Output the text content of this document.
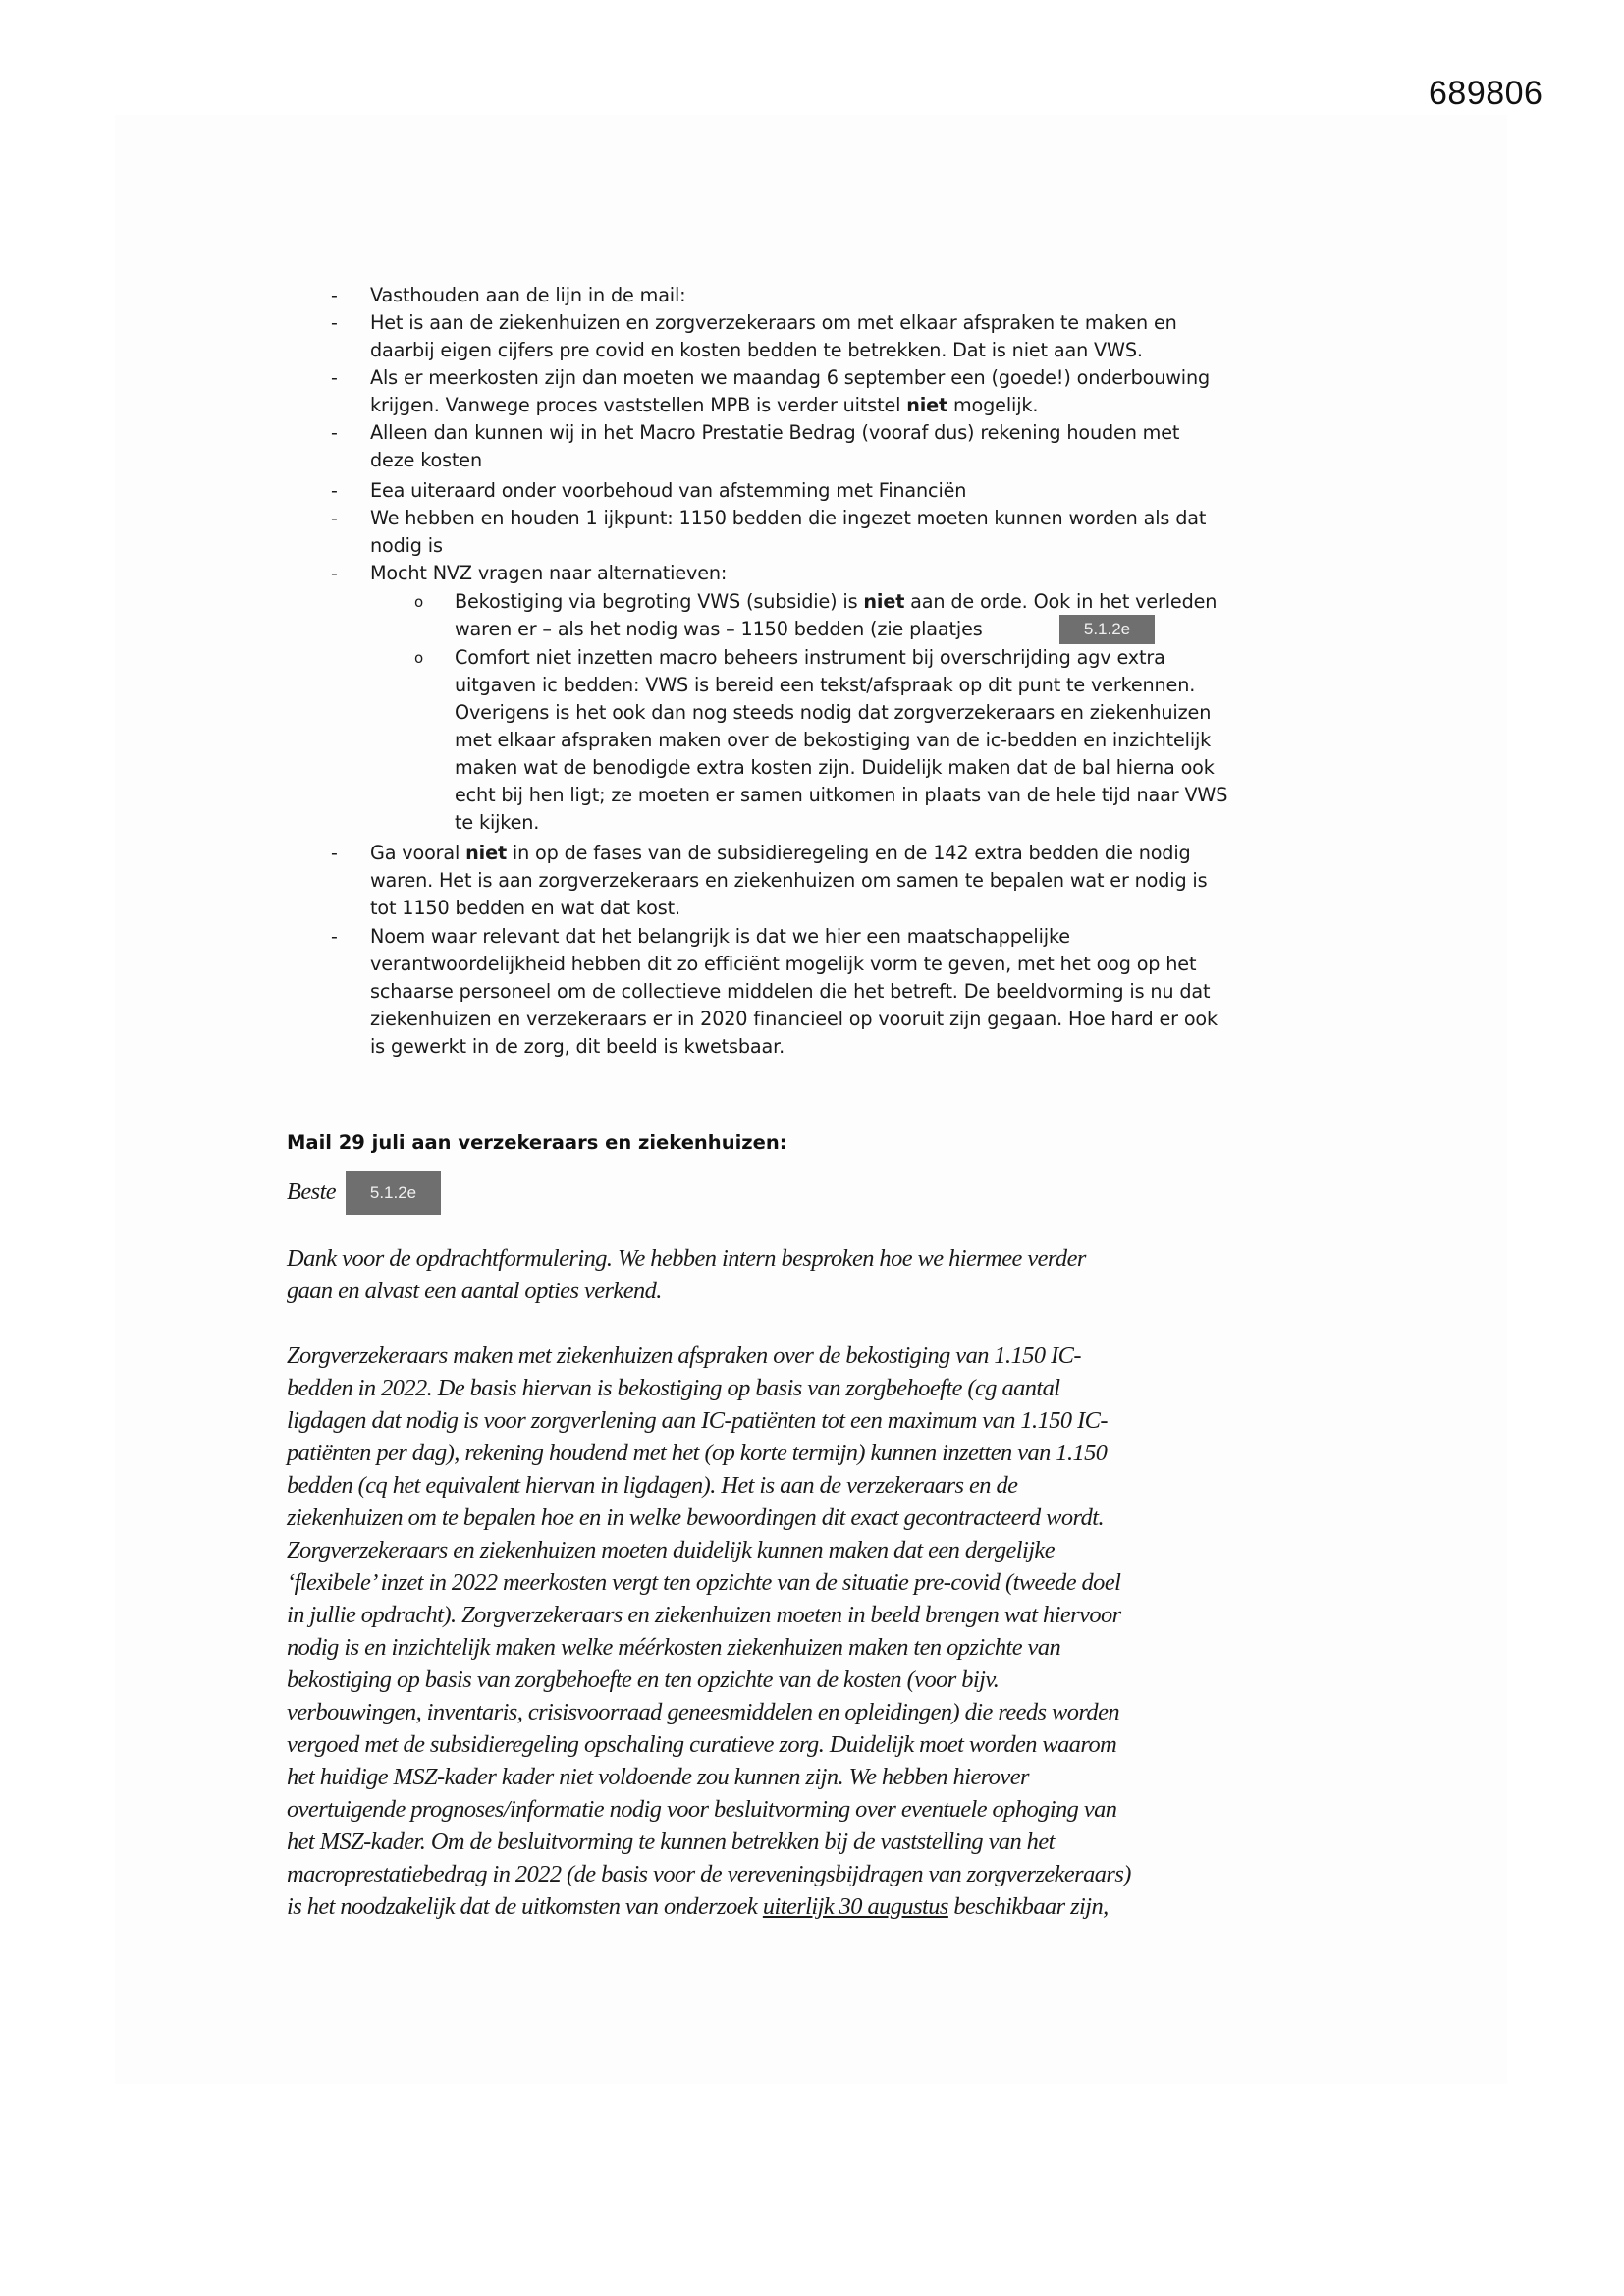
689806
- Vasthouden aan de lijn in de mail:
- Het is aan de ziekenhuizen en zorgverzekeraars om met elkaar afspraken te maken en
daarbij eigen cijfers pre covid en kosten bedden te betrekken. Dat is niet aan VWS.
- Als er meerkosten zijn dan moeten we maandag 6 september een (goede!) onderbouwing
krijgen. Vanwege proces vaststellen MPB is verder uitstel niet mogelijk.
- Alleen dan kunnen wij in het Macro Prestatie Bedrag (vooraf dus) rekening houden met
deze kosten
- Eea uiteraard onder voorbehoud van afstemming met Financiën
- We hebben en houden 1 ijkpunt: 1150 bedden die ingezet moeten kunnen worden als dat
nodig is
- Mocht NVZ vragen naar alternatieven:
o Bekostiging via begroting VWS (subsidie) is niet aan de orde. Ook in het verleden
waren er – als het nodig was – 1150 bedden (zie plaatjes	5.1.2e
o Comfort niet inzetten macro beheers instrument bij overschrijding agv extra
uitgaven ic bedden: VWS is bereid een tekst/afspraak op dit punt te verkennen.
Overigens is het ook dan nog steeds nodig dat zorgverzekeraars en ziekenhuizen
met elkaar afspraken maken over de bekostiging van de ic-bedden en inzichtelijk
maken wat de benodigde extra kosten zijn. Duidelijk maken dat de bal hierna ook
echt bij hen ligt; ze moeten er samen uitkomen in plaats van de hele tijd naar VWS
te kijken.
- Ga vooral niet in op de fases van de subsidieregeling en de 142 extra bedden die nodig
waren. Het is aan zorgverzekeraars en ziekenhuizen om samen te bepalen wat er nodig is
tot 1150 bedden en wat dat kost.
- Noem waar relevant dat het belangrijk is dat we hier een maatschappelijke
verantwoordelijkheid hebben dit zo efficiënt mogelijk vorm te geven, met het oog op het
schaarse personeel om de collectieve middelen die het betreft. De beeldvorming is nu dat
ziekenhuizen en verzekeraars er in 2020 financieel op vooruit zijn gegaan. Hoe hard er ook
is gewerkt in de zorg, dit beeld is kwetsbaar.
Mail 29 juli aan verzekeraars en ziekenhuizen:
Beste	5.1.2e
Dank voor de opdrachtformulering. We hebben intern besproken hoe we hiermee verder
gaan en alvast een aantal opties verkend.
Zorgverzekeraars maken met ziekenhuizen afspraken over de bekostiging van 1.150 IC-
bedden in 2022. De basis hiervan is bekostiging op basis van zorgbehoefte (cg aantal
ligdagen dat nodig is voor zorgverlening aan IC-patiënten tot een maximum van 1.150 IC-
patiënten per dag), rekening houdend met het (op korte termijn) kunnen inzetten van 1.150
bedden (cq het equivalent hiervan in ligdagen). Het is aan de verzekeraars en de
ziekenhuizen om te bepalen hoe en in welke bewoordingen dit exact gecontracteerd wordt.
Zorgverzekeraars en ziekenhuizen moeten duidelijk kunnen maken dat een dergelijke
‘flexibele’ inzet in 2022 meerkosten vergt ten opzichte van de situatie pre-covid (tweede doel
in jullie opdracht). Zorgverzekeraars en ziekenhuizen moeten in beeld brengen wat hiervoor
nodig is en inzichtelijk maken welke méérkosten ziekenhuizen maken ten opzichte van
bekostiging op basis van zorgbehoefte en ten opzichte van de kosten (voor bijv.
verbouwingen, inventaris, crisisvoorraad geneesmiddelen en opleidingen) die reeds worden
vergoed met de subsidieregeling opschaling curatieve zorg. Duidelijk moet worden waarom
het huidige MSZ-kader kader niet voldoende zou kunnen zijn. We hebben hierover
overtuigende prognoses/informatie nodig voor besluitvorming over eventuele ophoging van
het MSZ-kader. Om de besluitvorming te kunnen betrekken bij de vaststelling van het
macroprestatiebedrag in 2022 (de basis voor de vereveningsbijdragen van zorgverzekeraars)
is het noodzakelijk dat de uitkomsten van onderzoek uiterlijk 30 augustus beschikbaar zijn,
